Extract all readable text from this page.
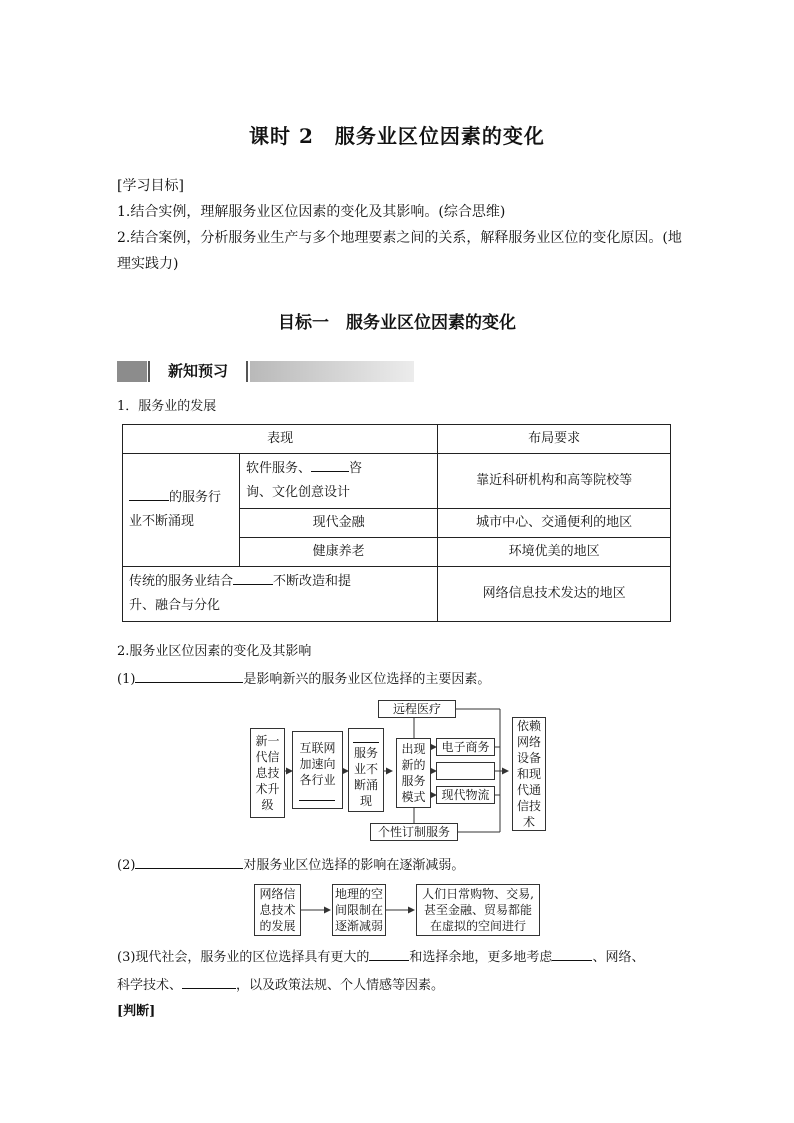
课时 2　服务业区位因素的变化
[学习目标]
1.结合实例，理解服务业区位因素的变化及其影响。(综合思维)
2.结合案例，分析服务业生产与多个地理要素之间的关系，解释服务业区位的变化原因。(地
理实践力)
目标一　服务业区位因素的变化
新知预习
1．服务业的发展
表现		布局要求
的服务行
业不断涌现	软件服务、 咨
询、文化创意设计	靠近科研机构和高等院校等
	现代金融	城市中心、交通便利的地区
	健康养老	环境优美的地区
传统的服务业结合 不断改造和提
升、融合与分化		网络信息技术发达的地区
2.服务业区位因素的变化及其影响
(1)	是影响新兴的服务业区位选择的主要因素。
新一
代信
息技
术升
级
互联网
加速向
各行业
服务
业不
断涌
现
出现
新的
服务
模式
远程医疗
电子商务
现代物流
个性订制服务
依赖
网络
设备
和现
代通
信技
术
(2)	对服务业区位选择的影响在逐渐减弱。
网络信
息技术
的发展
地理的空
间限制在
逐渐减弱
人们日常购物、交易,
甚至金融、贸易都能
在虚拟的空间进行
(3)现代社会，服务业的区位选择具有更大的	和选择余地，更多地考虑	、网络、
科学技术、	，以及政策法规、个人情感等因素。
[判断]
